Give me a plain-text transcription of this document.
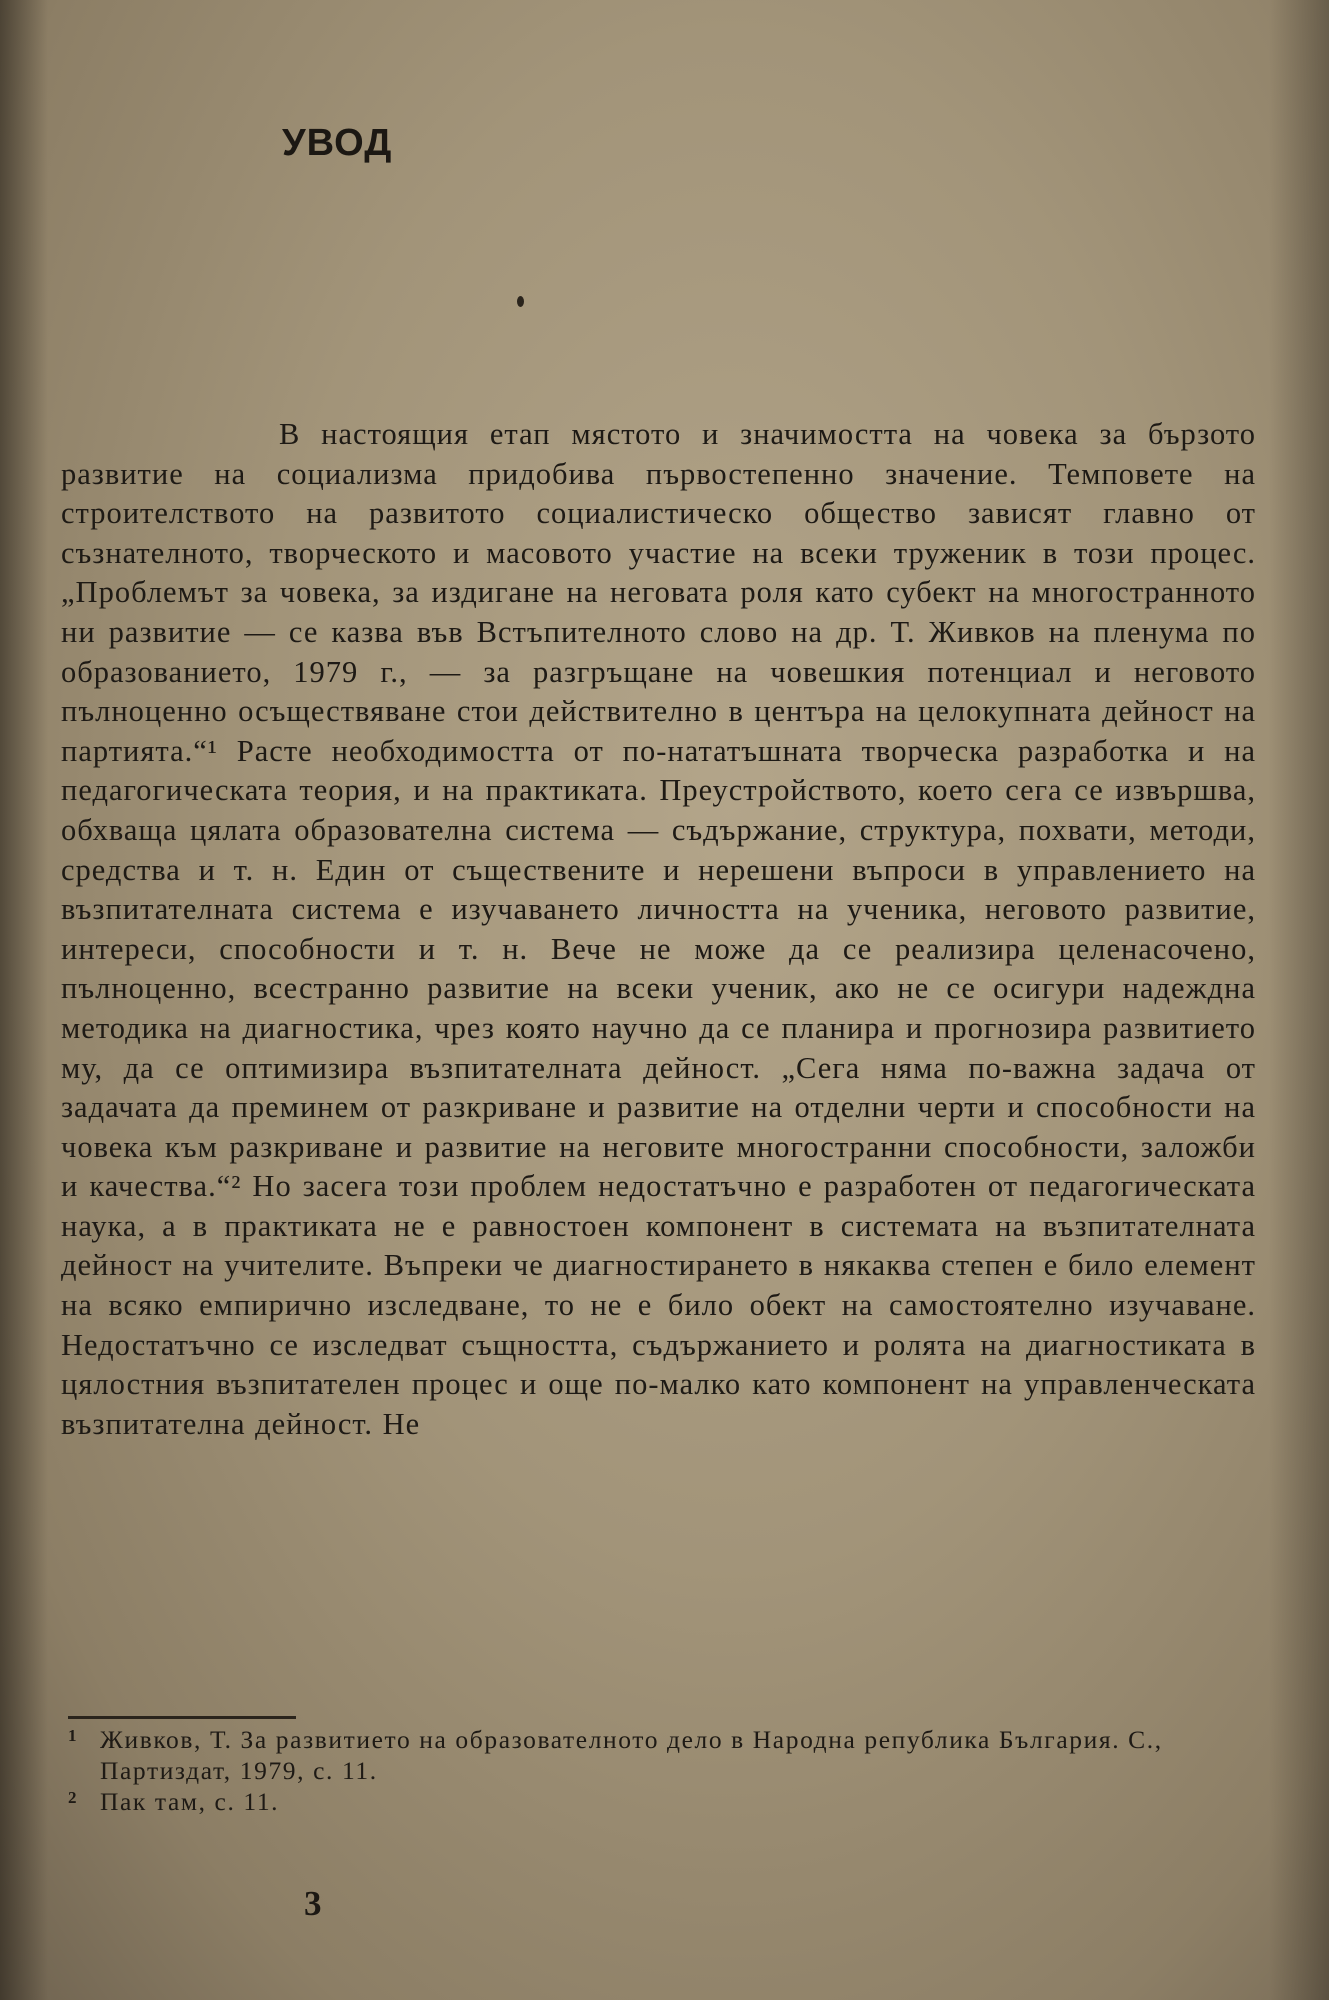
УВОД

В настоящия етап мястото и значимостта на човека за бързото развитие на социализма придобива първостепенно значение. Темповете на строителството на развитото социалистическо общество зависят главно от съзнателното, творческото и масовото участие на всеки труженик в този процес. „Проблемът за човека, за издигане на неговата роля като субект на многостранното ни развитие — се казва във Встъпителното слово на др. Т. Живков на пленума по образованието, 1979 г., — за разгръщане на човешкия потенциал и неговото пълноценно осъществяване стои действително в центъра на целокупната дейност на партията.“¹ Расте необходимостта от по-нататъшната творческа разработка и на педагогическата теория, и на практиката. Преустройството, което сега се извършва, обхваща цялата образователна система — съдържание, структура, похвати, методи, средства и т. н. Един от съществените и нерешени въпроси в управлението на възпитателната система е изучаването личността на ученика, неговото развитие, интереси, способности и т. н. Вече не може да се реализира целенасочено, пълноценно, всестранно развитие на всеки ученик, ако не се осигури надеждна методика на диагностика, чрез която научно да се планира и прогнозира развитието му, да се оптимизира възпитателната дейност. „Сега няма по-важна задача от задачата да преминем от разкриване и развитие на отделни черти и способности на човека към разкриване и развитие на неговите многостранни способности, заложби и качества.“² Но засега този проблем недостатъчно е разработен от педагогическата наука, а в практиката не е равностоен компонент в системата на възпитателната дейност на учителите. Въпреки че диагностирането в някаква степен е било елемент на всяко емпирично изследване, то не е било обект на самостоятелно изучаване. Недостатъчно се изследват същността, съдържанието и ролята на диагностиката в цялостния възпитателен процес и още по-малко като компонент на управленческата възпитателна дейност. Не

1 Живков, Т. За развитието на образователното дело в Народна република България. С., Партиздат, 1979, с. 11.

2 Пак там, с. 11.

3
